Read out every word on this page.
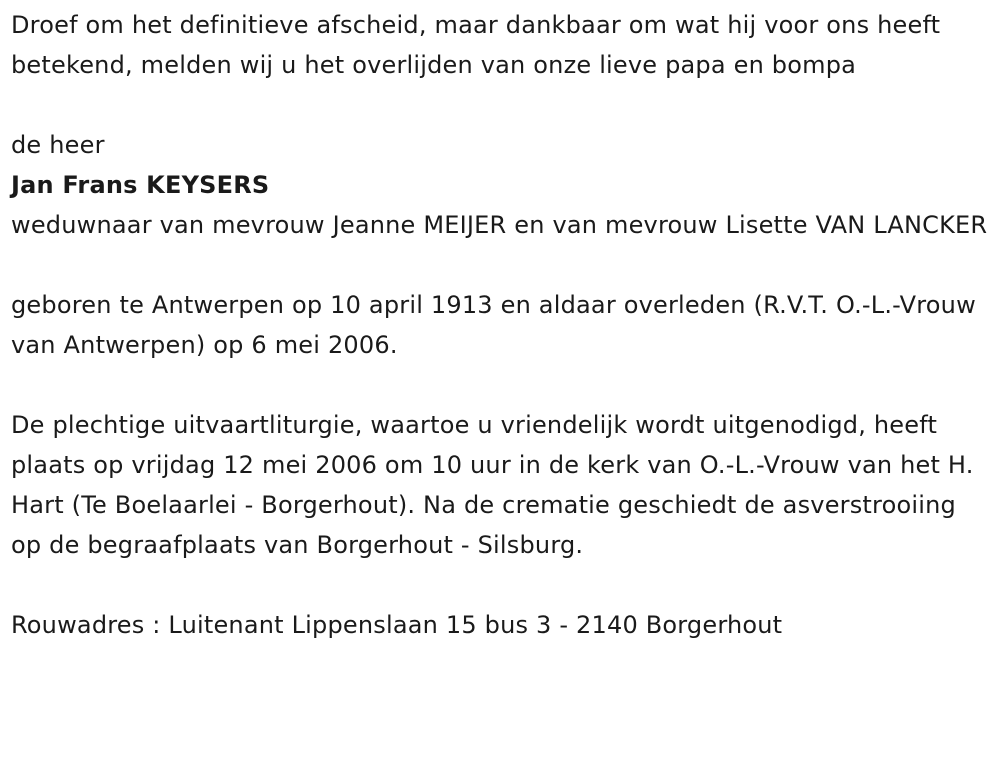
Droef om het definitieve afscheid, maar dankbaar om wat hij voor ons heeft betekend, melden wij u het overlijden van onze lieve papa en bompa

de heer

Jan Frans KEYSERS

weduwnaar van mevrouw Jeanne MEIJER en van mevrouw Lisette VAN LANCKER

geboren te Antwerpen op 10 april 1913 en aldaar overleden (R.V.T. O.-L.-Vrouw van Antwerpen) op 6 mei 2006.

De plechtige uitvaartliturgie, waartoe u vriendelijk wordt uitgenodigd, heeft plaats op vrijdag 12 mei 2006 om 10 uur in de kerk van O.-L.-Vrouw van het H. Hart (Te Boelaarlei - Borgerhout). Na de crematie geschiedt de asverstrooiing op de begraafplaats van Borgerhout - Silsburg.

Rouwadres : Luitenant Lippenslaan 15 bus 3 - 2140 Borgerhout
